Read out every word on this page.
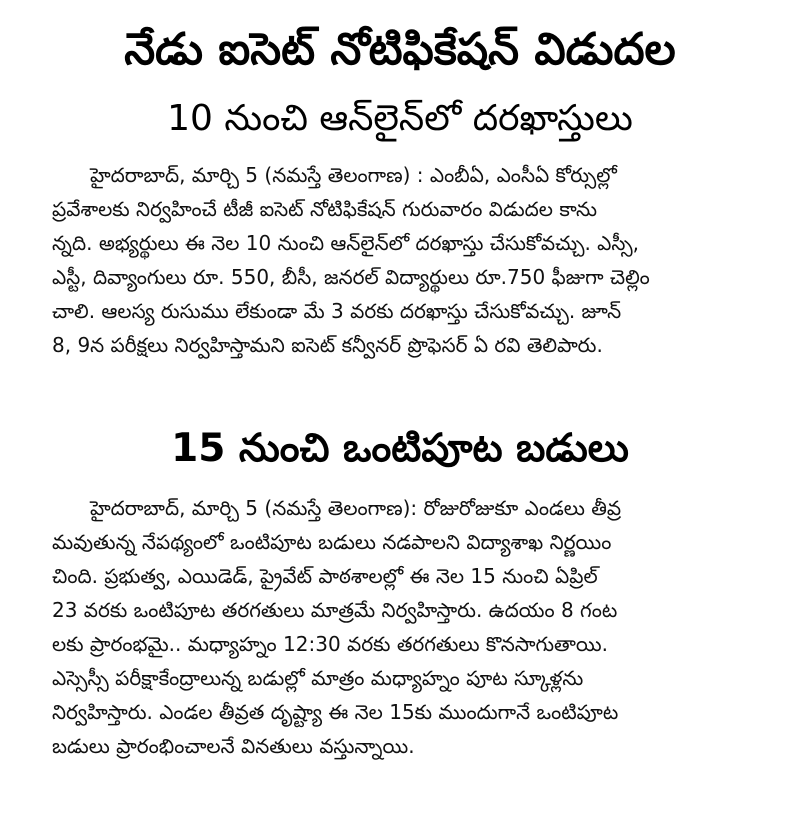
నేడు ఐసెట్ నోటిఫికేషన్ విడుదల
10 నుంచి ఆన్‌లైన్‌లో దరఖాస్తులు
హైదరాబాద్, మార్చి 5 (నమస్తే తెలంగాణ) : ఎంబీఏ, ఎంసీఏ కోర్సుల్లో
ప్రవేశాలకు నిర్వహించే టీజీ ఐసెట్ నోటిఫికేషన్ గురువారం విడుదల కాను
న్నది. అభ్యర్థులు ఈ నెల 10 నుంచి ఆన్‌లైన్‌లో దరఖాస్తు చేసుకోవచ్చు. ఎస్సీ,
ఎస్టీ, దివ్యాంగులు రూ. 550, బీసీ, జనరల్ విద్యార్థులు రూ.750 ఫీజుగా చెల్లిం
చాలి. ఆలస్య రుసుము లేకుండా మే 3 వరకు దరఖాస్తు చేసుకోవచ్చు. జూన్
8, 9న పరీక్షలు నిర్వహిస్తామని ఐసెట్ కన్వీనర్ ప్రొఫెసర్ ఏ రవి తెలిపారు.
15 నుంచి ఒంటిపూట బడులు
హైదరాబాద్, మార్చి 5 (నమస్తే తెలంగాణ): రోజురోజుకూ ఎండలు తీవ్ర
మవుతున్న నేపథ్యంలో ఒంటిపూట బడులు నడపాలని విద్యాశాఖ నిర్ణయిం
చింది. ప్రభుత్వ, ఎయిడెడ్, ప్రైవేట్ పాఠశాలల్లో ఈ నెల 15 నుంచి ఏప్రిల్
23 వరకు ఒంటిపూట తరగతులు మాత్రమే నిర్వహిస్తారు. ఉదయం 8 గంట
లకు ప్రారంభమై.. మధ్యాహ్నం 12:30 వరకు తరగతులు కొనసాగుతాయి.
ఎస్సెస్సీ పరీక్షాకేంద్రాలున్న బడుల్లో మాత్రం మధ్యాహ్నం పూట స్కూళ్లను
నిర్వహిస్తారు. ఎండల తీవ్రత దృష్ట్యా ఈ నెల 15కు ముందుగానే ఒంటిపూట
బడులు ప్రారంభించాలనే వినతులు వస్తున్నాయి.
